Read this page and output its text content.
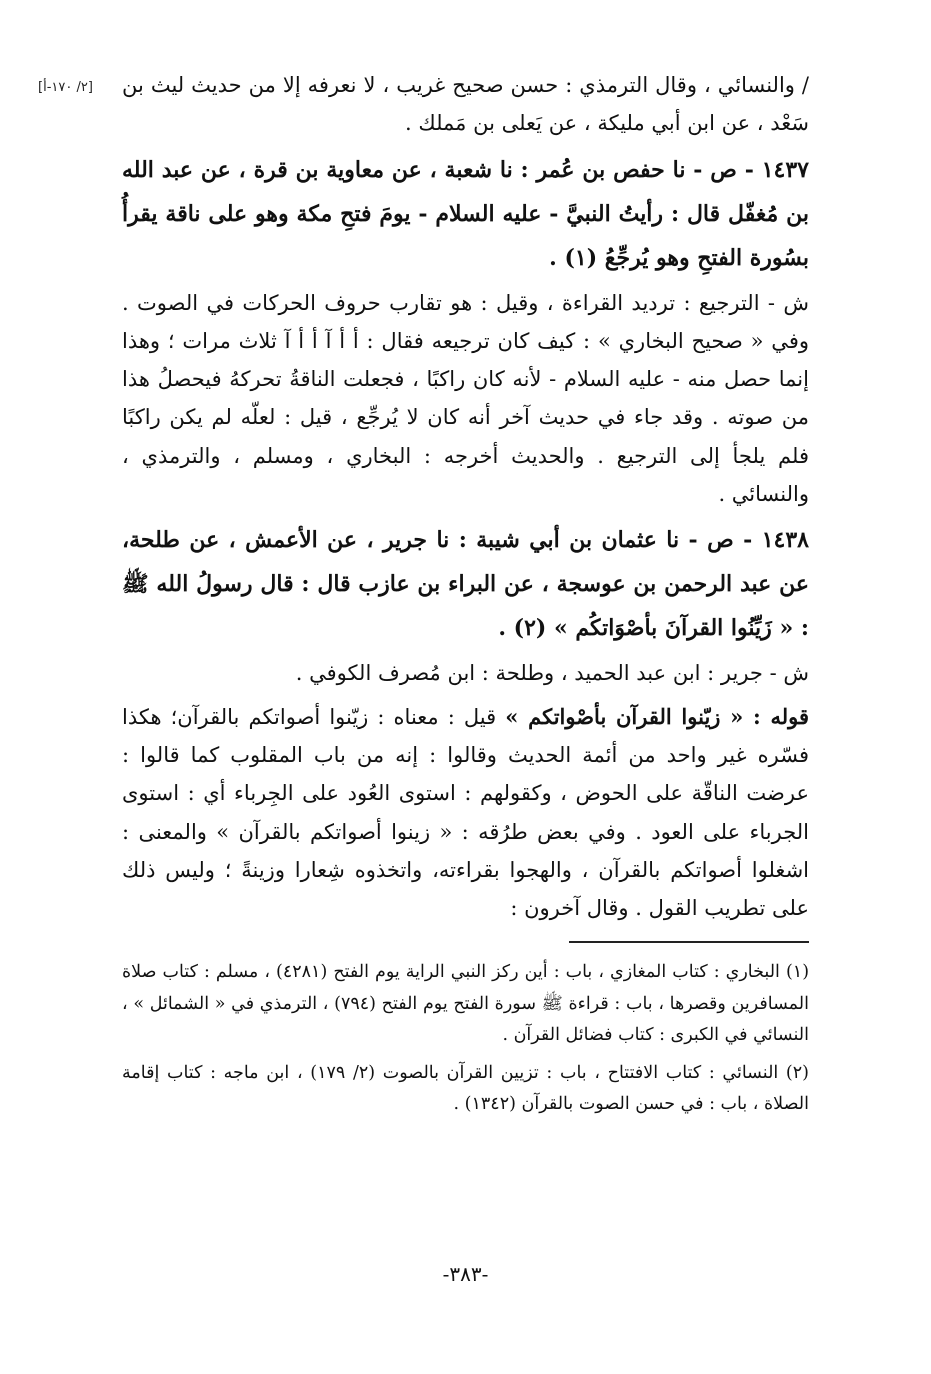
[٢/ ١٧٠-أ] / والنسائي ، وقال الترمذي : حسن صحيح غريب ، لا نعرفه إلا من حديث ليث بن سَعْد ، عن ابن أبي مليكة ، عن يَعلى بن مَملك .

١٤٣٧ - ص - نا حفص بن عُمر : نا شعبة ، عن معاوية بن قرة ، عن عبد الله بن مُغفّل قال : رأيتُ النبيَّ - عليه السلام - يومَ فتحِ مكة وهو على ناقة يقرأُ بسُورة الفتحِ وهو يُرجِّعُ (١) .

ش - الترجيع : ترديد القراءة ، وقيل : هو تقارب حروف الحركات في الصوت . وفي « صحيح البخاري » : كيف كان ترجيعه فقال : أ أ آ أ أ آ ثلاث مرات ؛ وهذا إنما حصل منه - عليه السلام - لأنه كان راكبًا ، فجعلت الناقةُ تحركهُ فيحصلُ هذا من صوته . وقد جاء في حديث آخر أنه كان لا يُرجِّع ، قيل : لعلّه لم يكن راكبًا فلم يلجأ إلى الترجيع . والحديث أخرجه : البخاري ، ومسلم ، والترمذي ، والنسائي .

١٤٣٨ - ص - نا عثمان بن أبي شيبة : نا جرير ، عن الأعمش ، عن طلحة، عن عبد الرحمن بن عوسجة ، عن البراء بن عازب قال : قال رسولُ الله ﷺ : « زَيِّنُوا القرآنَ بأصْوَاتكُم » (٢) .

ش - جرير : ابن عبد الحميد ، وطلحة : ابن مُصرف الكوفي .

قوله : « زيّنوا القرآن بأصْواتكم » قيل : معناه : زيّنوا أصواتكم بالقرآن؛ هكذا فسّره غير واحد من أئمة الحديث وقالوا : إنه من باب المقلوب كما قالوا : عرضت الناقّة على الحوض ، وكقولهم : استوى العُود على الجِرباء أي : استوى الجرباء على العود . وفي بعض طرُقه : « زينوا أصواتكم بالقرآن » والمعنى : اشغلوا أصواتكم بالقرآن ، والهجوا بقراءته، واتخذوه شِعارا وزينةً ؛ وليس ذلك على تطريب القول . وقال آخرون :

(١) البخاري : كتاب المغازي ، باب : أين ركز النبي الراية يوم الفتح (٤٢٨١) ، مسلم : كتاب صلاة المسافرين وقصرها ، باب : قراءة ﷺ سورة الفتح يوم الفتح (٧٩٤) ، الترمذي في « الشمائل » ، النسائي في الكبرى : كتاب فضائل القرآن .

(٢) النسائي : كتاب الافتتاح ، باب : تزيين القرآن بالصوت (٢/ ١٧٩) ، ابن ماجه : كتاب إقامة الصلاة ، باب : في حسن الصوت بالقرآن (١٣٤٢) .

-٣٨٣-
